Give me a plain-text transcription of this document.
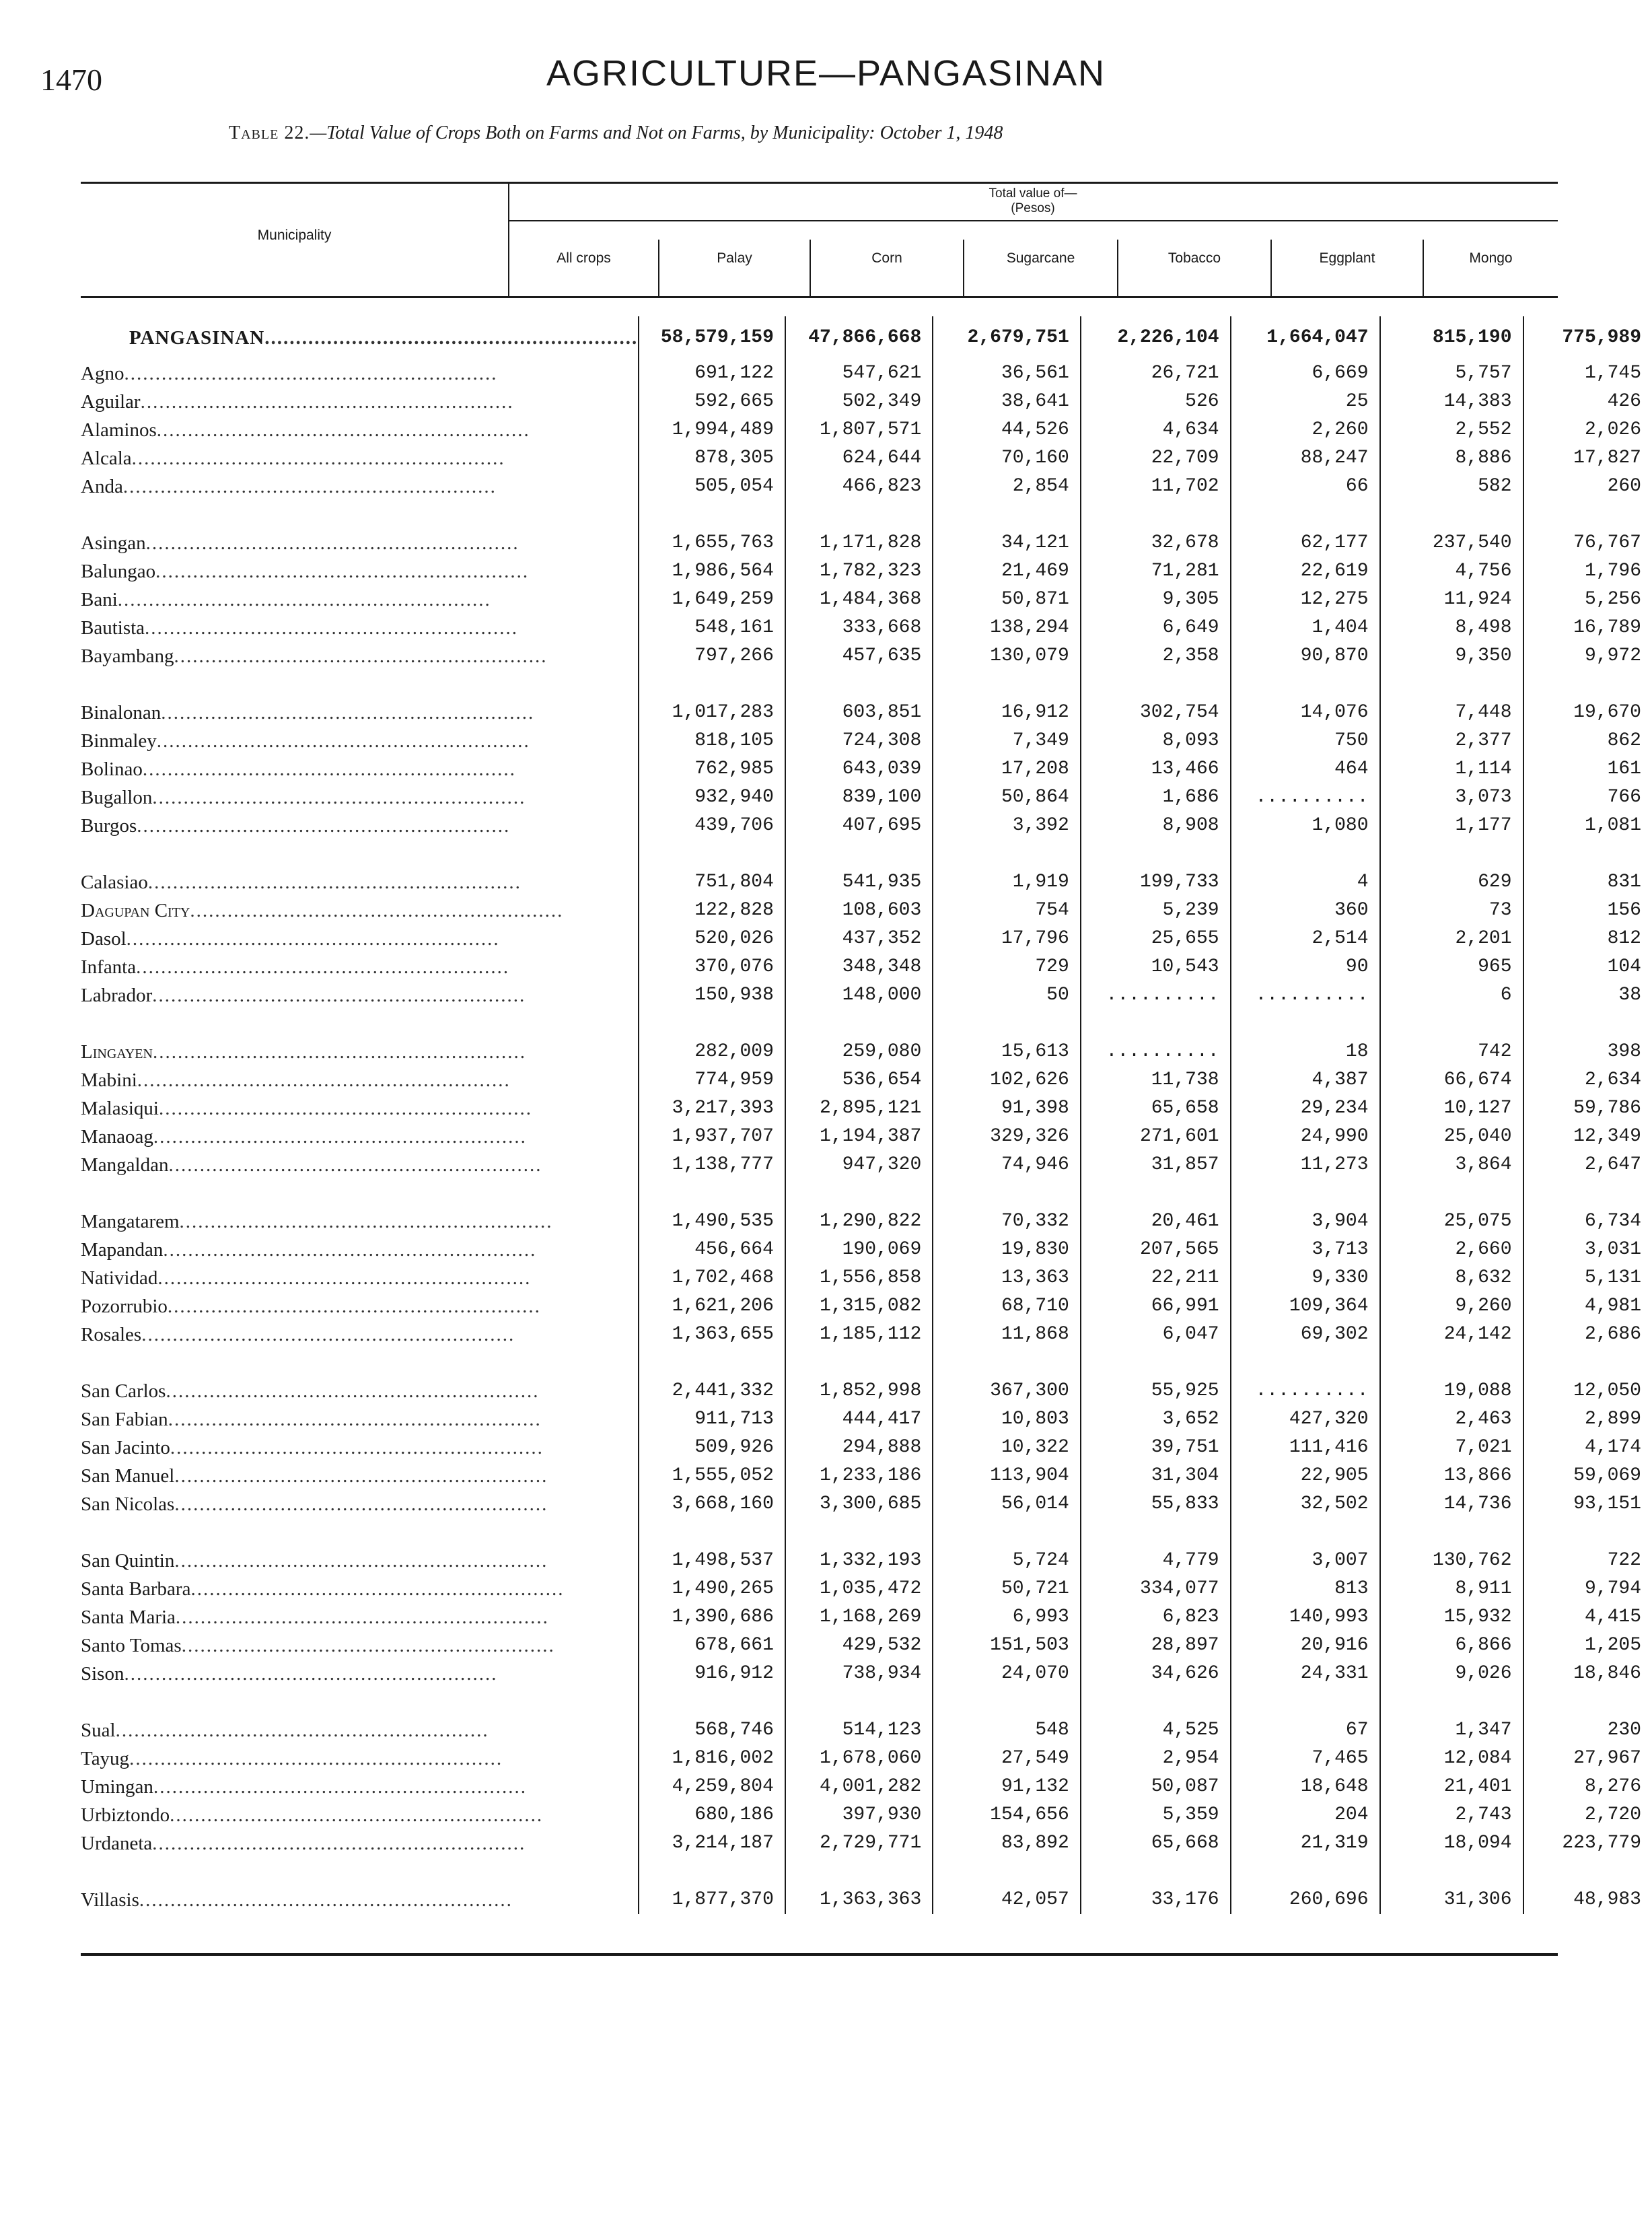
1470	AGRICULTURE—PANGASINAN
Table 22.—Total Value of Crops Both on Farms and Not on Farms, by Municipality: October 1, 1948
Municipality
Total value of—
(Pesos)
All crops	Palay	Corn	Sugarcane	Tobacco	Eggplant	Mongo
PANGASINAN............................................................	58,579,159	47,866,668	2,679,751	2,226,104	1,664,047	815,190	775,989
Agno............................................................	691,122	547,621	36,561	26,721	6,669	5,757	1,745
Aguilar............................................................	592,665	502,349	38,641	526	25	14,383	426
Alaminos............................................................	1,994,489	1,807,571	44,526	4,634	2,260	2,552	2,026
Alcala............................................................	878,305	624,644	70,160	22,709	88,247	8,886	17,827
Anda............................................................	505,054	466,823	2,854	11,702	66	582	260

Asingan............................................................	1,655,763	1,171,828	34,121	32,678	62,177	237,540	76,767
Balungao............................................................	1,986,564	1,782,323	21,469	71,281	22,619	4,756	1,796
Bani............................................................	1,649,259	1,484,368	50,871	9,305	12,275	11,924	5,256
Bautista............................................................	548,161	333,668	138,294	6,649	1,404	8,498	16,789
Bayambang............................................................	797,266	457,635	130,079	2,358	90,870	9,350	9,972

Binalonan............................................................	1,017,283	603,851	16,912	302,754	14,076	7,448	19,670
Binmaley............................................................	818,105	724,308	7,349	8,093	750	2,377	862
Bolinao............................................................	762,985	643,039	17,208	13,466	464	1,114	161
Bugallon............................................................	932,940	839,100	50,864	1,686	..........	3,073	766
Burgos............................................................	439,706	407,695	3,392	8,908	1,080	1,177	1,081

Calasiao............................................................	751,804	541,935	1,919	199,733	4	629	831
Dagupan City............................................................	122,828	108,603	754	5,239	360	73	156
Dasol............................................................	520,026	437,352	17,796	25,655	2,514	2,201	812
Infanta............................................................	370,076	348,348	729	10,543	90	965	104
Labrador............................................................	150,938	148,000	50	..........	..........	6	38

Lingayen............................................................	282,009	259,080	15,613	..........	18	742	398
Mabini............................................................	774,959	536,654	102,626	11,738	4,387	66,674	2,634
Malasiqui............................................................	3,217,393	2,895,121	91,398	65,658	29,234	10,127	59,786
Manaoag............................................................	1,937,707	1,194,387	329,326	271,601	24,990	25,040	12,349
Mangaldan............................................................	1,138,777	947,320	74,946	31,857	11,273	3,864	2,647

Mangatarem............................................................	1,490,535	1,290,822	70,332	20,461	3,904	25,075	6,734
Mapandan............................................................	456,664	190,069	19,830	207,565	3,713	2,660	3,031
Natividad............................................................	1,702,468	1,556,858	13,363	22,211	9,330	8,632	5,131
Pozorrubio............................................................	1,621,206	1,315,082	68,710	66,991	109,364	9,260	4,981
Rosales............................................................	1,363,655	1,185,112	11,868	6,047	69,302	24,142	2,686

San Carlos............................................................	2,441,332	1,852,998	367,300	55,925	..........	19,088	12,050
San Fabian............................................................	911,713	444,417	10,803	3,652	427,320	2,463	2,899
San Jacinto............................................................	509,926	294,888	10,322	39,751	111,416	7,021	4,174
San Manuel............................................................	1,555,052	1,233,186	113,904	31,304	22,905	13,866	59,069
San Nicolas............................................................	3,668,160	3,300,685	56,014	55,833	32,502	14,736	93,151

San Quintin............................................................	1,498,537	1,332,193	5,724	4,779	3,007	130,762	722
Santa Barbara............................................................	1,490,265	1,035,472	50,721	334,077	813	8,911	9,794
Santa Maria............................................................	1,390,686	1,168,269	6,993	6,823	140,993	15,932	4,415
Santo Tomas............................................................	678,661	429,532	151,503	28,897	20,916	6,866	1,205
Sison............................................................	916,912	738,934	24,070	34,626	24,331	9,026	18,846

Sual............................................................	568,746	514,123	548	4,525	67	1,347	230
Tayug............................................................	1,816,002	1,678,060	27,549	2,954	7,465	12,084	27,967
Umingan............................................................	4,259,804	4,001,282	91,132	50,087	18,648	21,401	8,276
Urbiztondo............................................................	680,186	397,930	154,656	5,359	204	2,743	2,720
Urdaneta............................................................	3,214,187	2,729,771	83,892	65,668	21,319	18,094	223,779

Villasis............................................................	1,877,370	1,363,363	42,057	33,176	260,696	31,306	48,983
